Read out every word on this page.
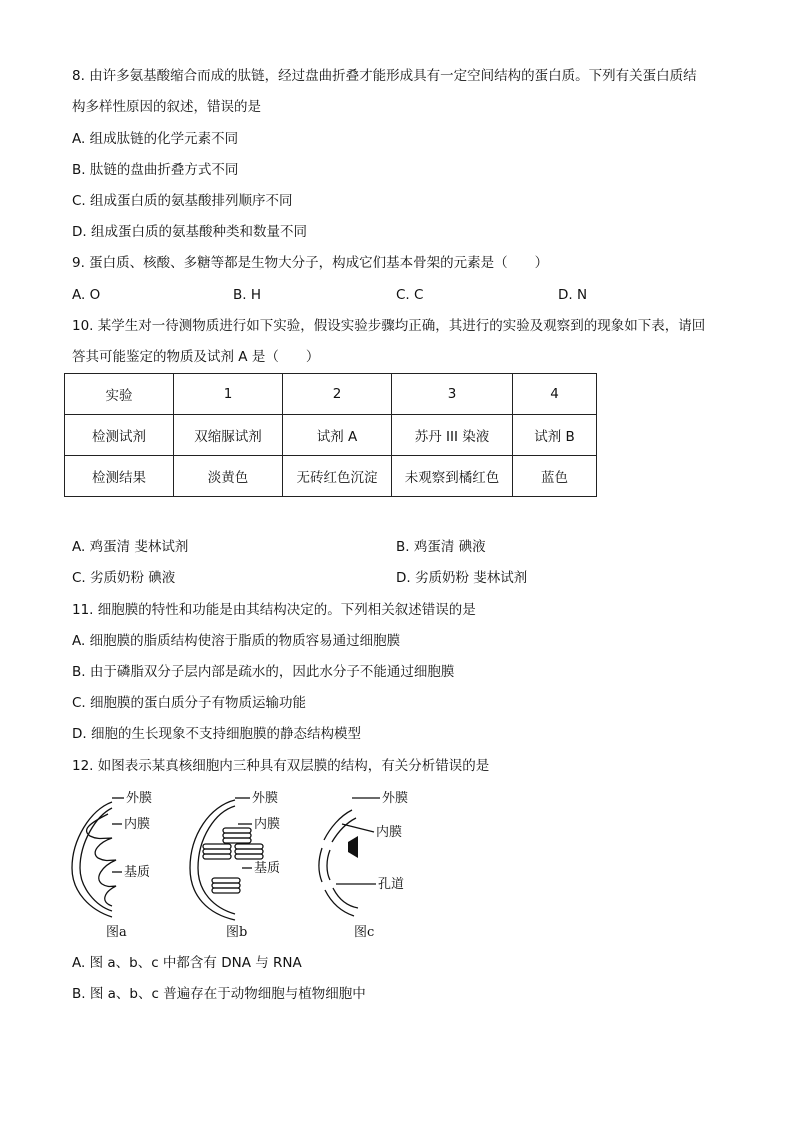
8. 由许多氨基酸缩合而成的肽链，经过盘曲折叠才能形成具有一定空间结构的蛋白质。下列有关蛋白质结
构多样性原因的叙述，错误的是
A. 组成肽链的化学元素不同
B. 肽链的盘曲折叠方式不同
C. 组成蛋白质的氨基酸排列顺序不同
D. 组成蛋白质的氨基酸种类和数量不同
9. 蛋白质、核酸、多糖等都是生物大分子，构成它们基本骨架的元素是（　　）
A. O	B. H	C. C	D. N
10. 某学生对一待测物质进行如下实验，假设实验步骤均正确，其进行的实验及观察到的现象如下表，请回
答其可能鉴定的物质及试剂 A 是（　　）
实验	1	2	3	4
检测试剂	双缩脲试剂	试剂 A	苏丹 III 染液	试剂 B
检测结果	淡黄色	无砖红色沉淀	未观察到橘红色	蓝色
A. 鸡蛋清 斐林试剂	B. 鸡蛋清 碘液
C. 劣质奶粉 碘液	D. 劣质奶粉 斐林试剂
11. 细胞膜的特性和功能是由其结构决定的。下列相关叙述错误的是
A. 细胞膜的脂质结构使溶于脂质的物质容易通过细胞膜
B. 由于磷脂双分子层内部是疏水的，因此水分子不能通过细胞膜
C. 细胞膜的蛋白质分子有物质运输功能
D. 细胞的生长现象不支持细胞膜的静态结构模型
12. 如图表示某真核细胞内三种具有双层膜的结构，有关分析错误的是
外膜
内膜
基质
图a
外膜
内膜
基质
图b
外膜
内膜
孔道
图c
A. 图 a、b、c 中都含有 DNA 与 RNA
B. 图 a、b、c 普遍存在于动物细胞与植物细胞中
